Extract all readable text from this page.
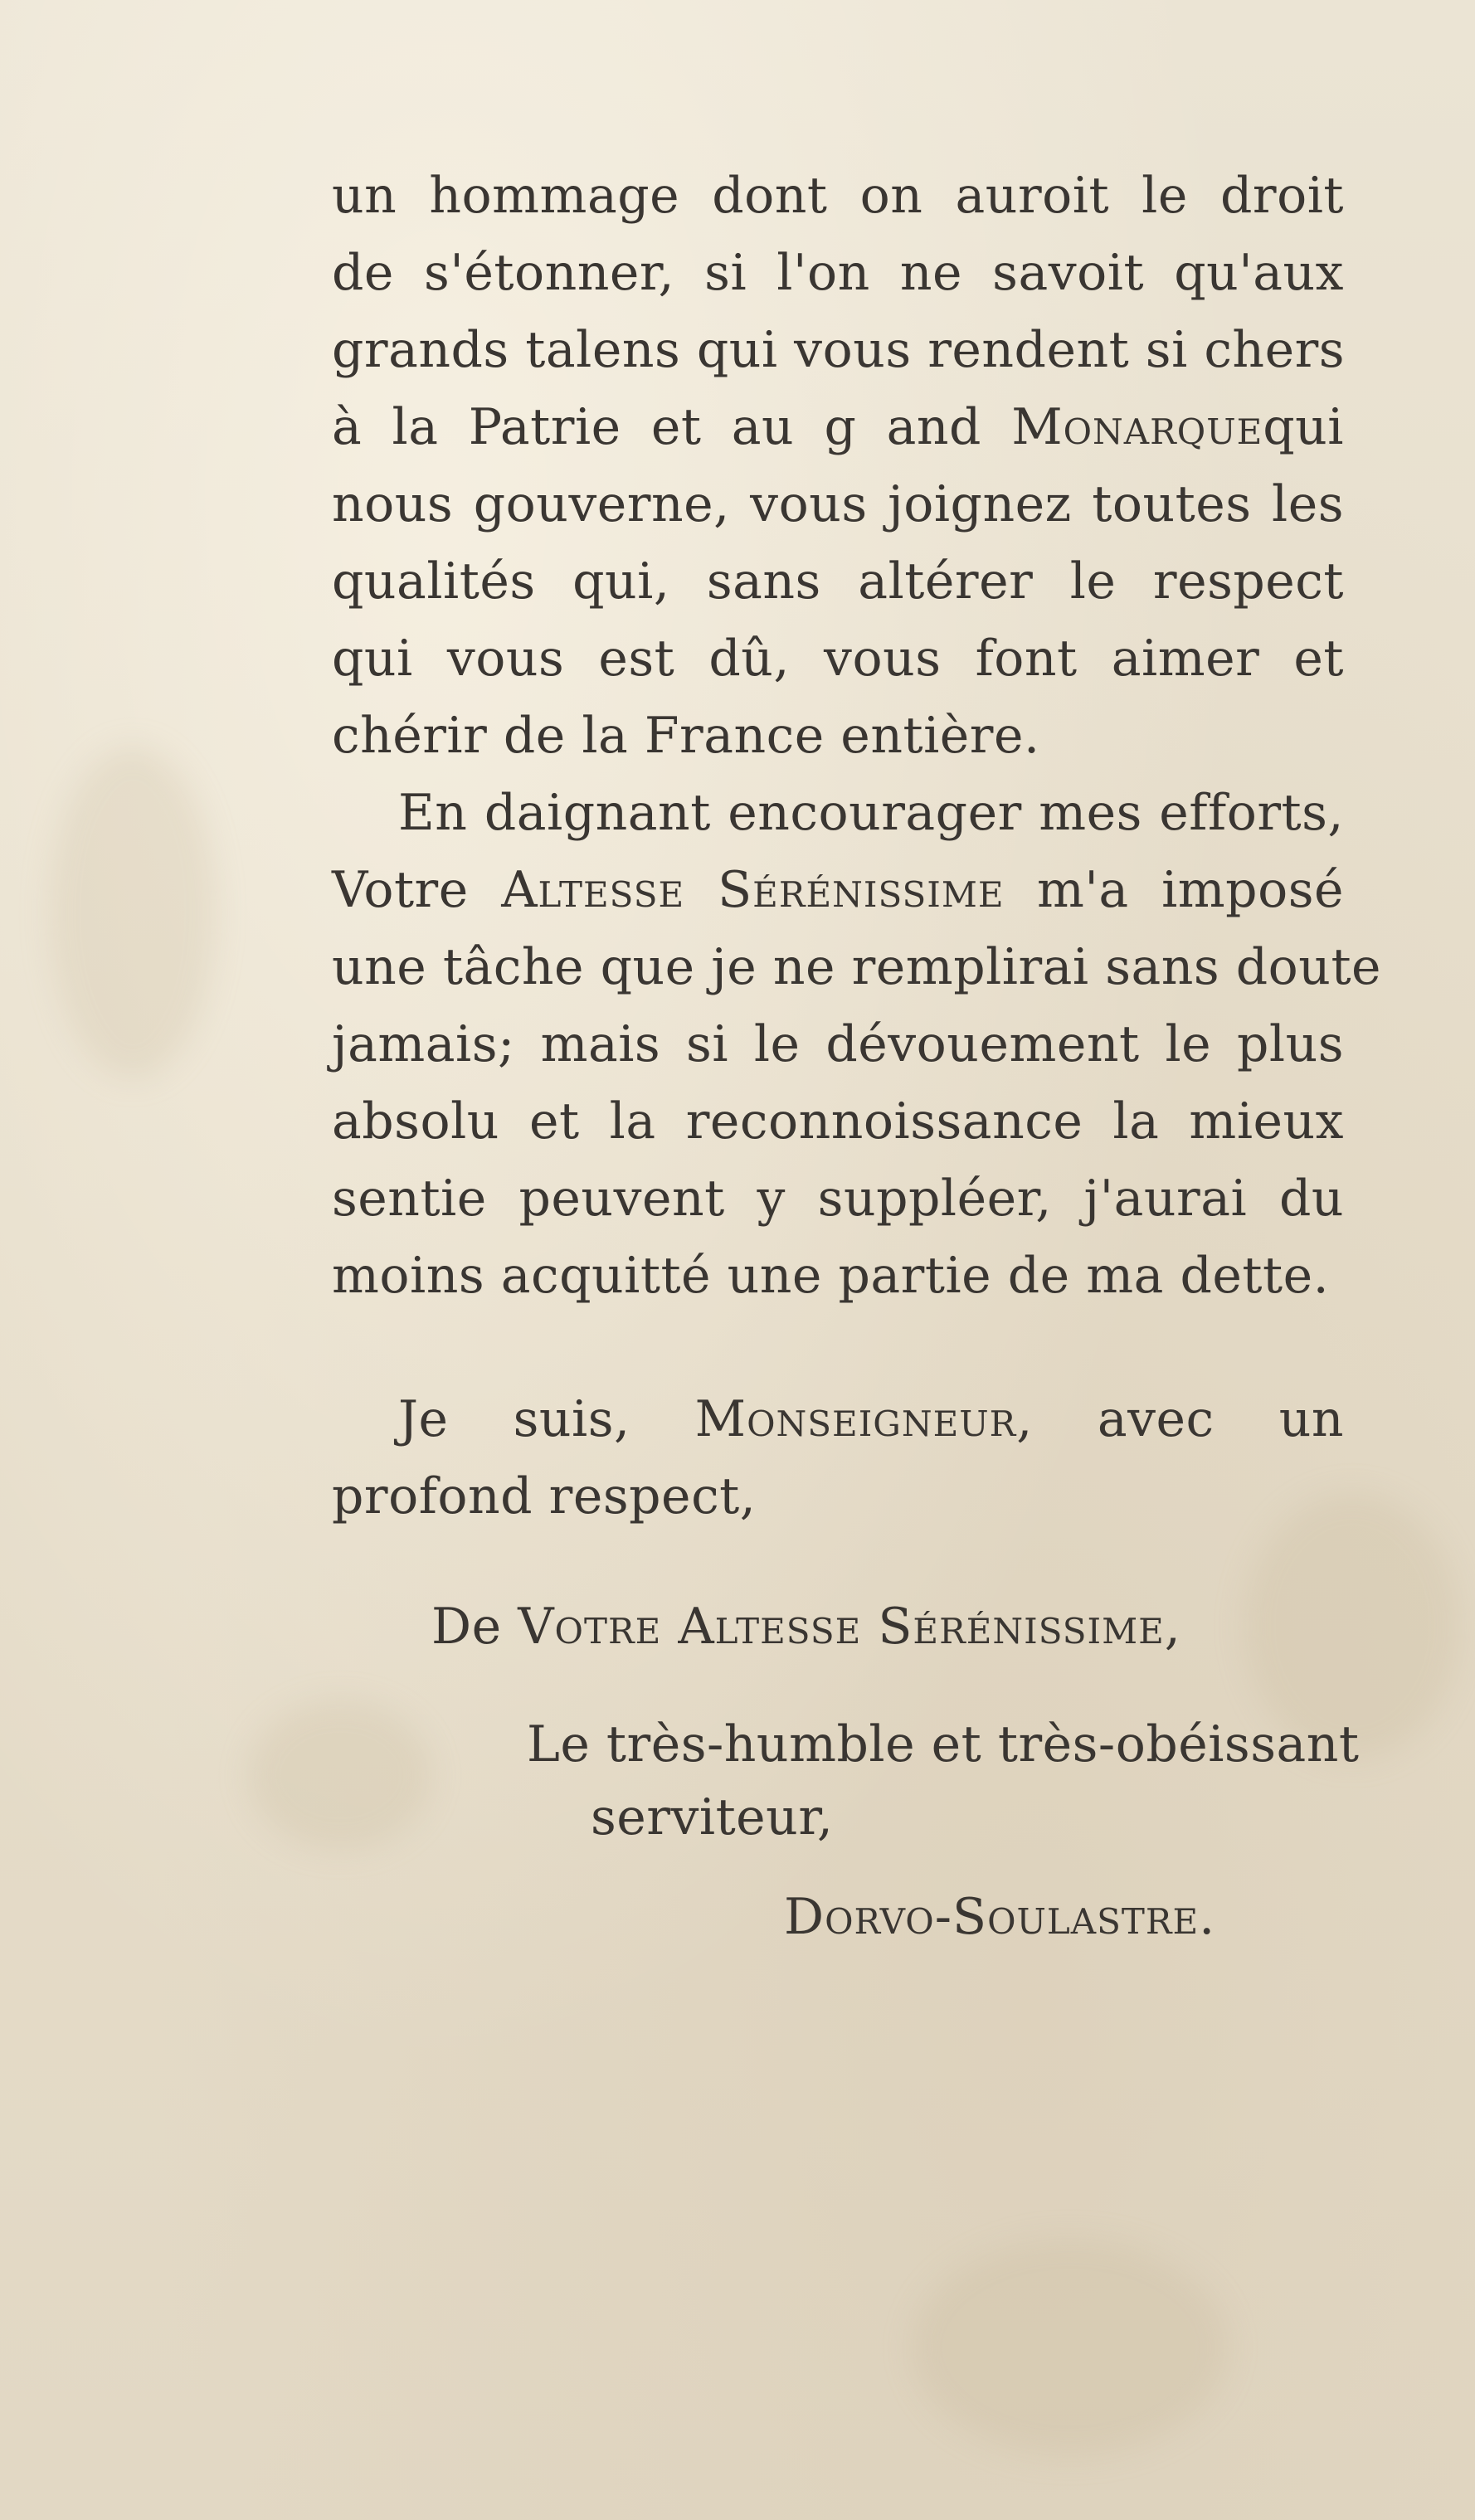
un hommage dont on auroit le droit
de s'étonner, si l'on ne savoit qu'aux
grands talens qui vous rendent si chers
à la Patrie et au g and Monarquequi
nous gouverne, vous joignez toutes les
qualités qui, sans altérer le respect
qui vous est dû, vous font aimer et
chérir de la France entière.
En daignant encourager mes efforts,
Votre Altesse Sérénissime m'a imposé
une tâche que je ne remplirai sans doute
jamais; mais si le dévouement le plus
absolu et la reconnoissance la mieux
sentie peuvent y suppléer, j'aurai du
moins acquitté une partie de ma dette.
Je suis, Monseigneur, avec un
profond respect,
De Votre Altesse Sérénissime,
Le très-humble et très-obéissant
serviteur,
Dorvo-Soulastre.
